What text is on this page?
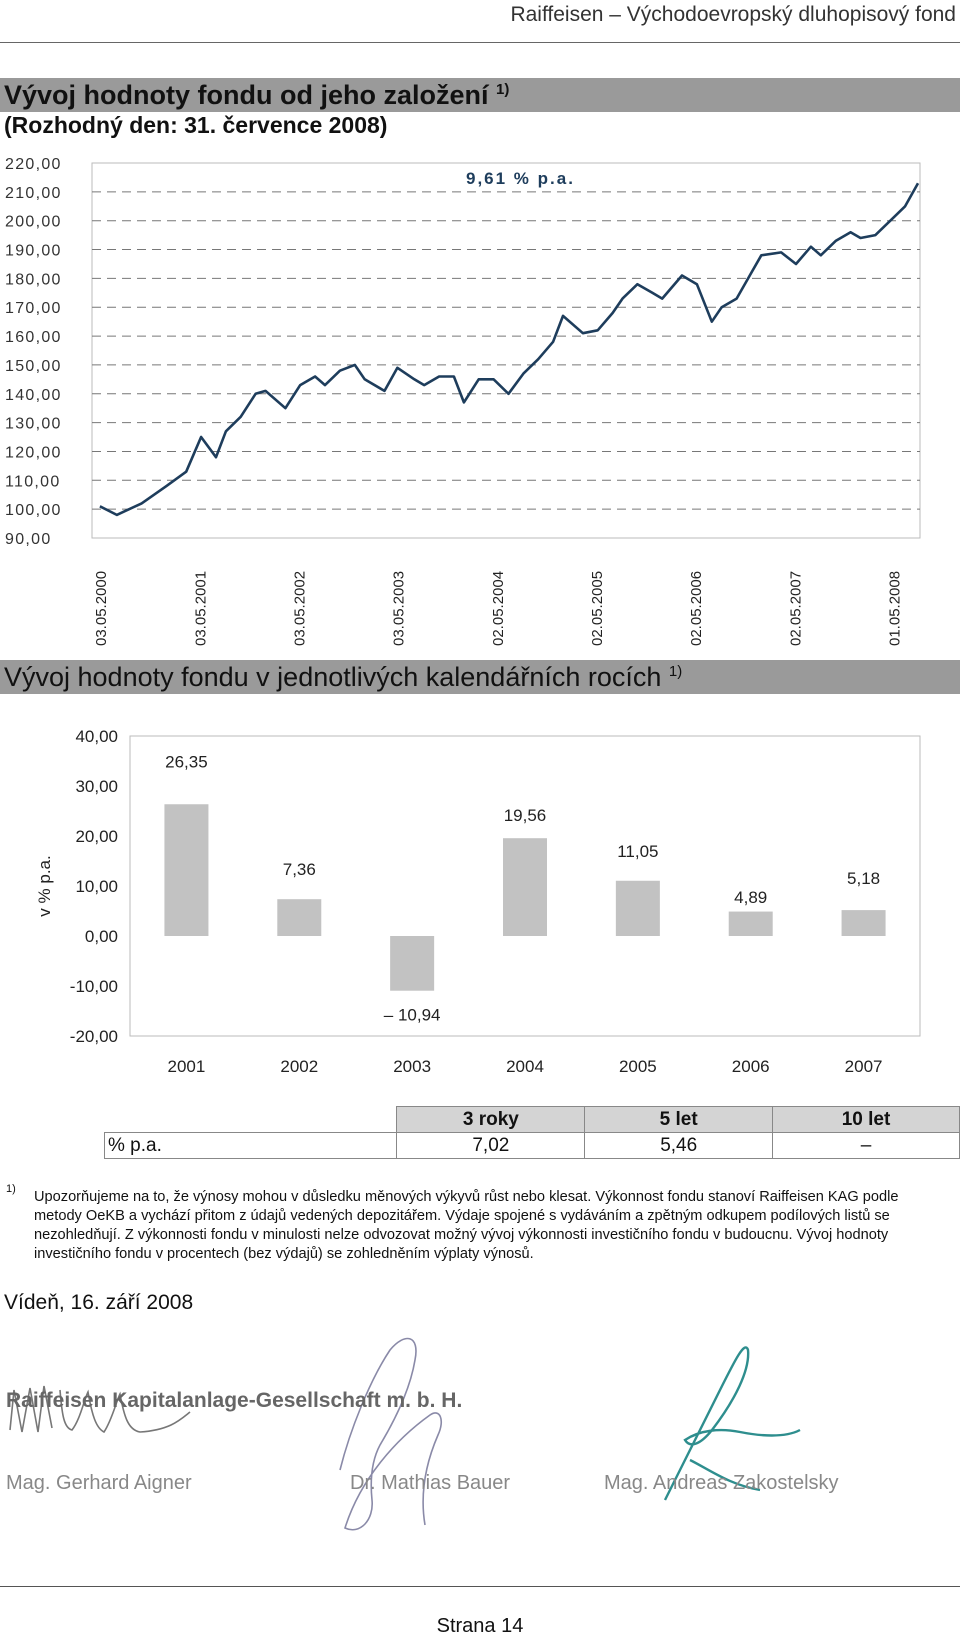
Raiffeisen – Východoevropský dluhopisový fond
Vývoj hodnoty fondu od jeho založení $^{1)}$
(Rozhodný den: 31. července 2008)
220,00
210,00
200,00
190,00
180,00
170,00
160,00
150,00
140,00
130,00
120,00
110,00
100,00
90,00
03.05.2000	03.05.2001	03.05.2002	03.05.2003	02.05.2004	02.05.2005	02.05.2006	02.05.2007	01.05.2008
9,61 % p.a.
Vývoj hodnoty fondu v jednotlivých kalendářních rocích $^{1)}$
40,00
30,00
20,00
10,00
0,00
-10,00
-20,00
v % p.a.
26,35
2001
7,36
2002
– 10,94
2003
19,56
2004
11,05
2005
4,89
2006
5,18
2007
	3 roky	5 let	10 let
% p.a.	7,02	5,46	–
1) Upozorňujeme na to, že výnosy mohou v důsledku měnových výkyvů růst nebo klesat. Výkonnost fondu stanoví Raiffeisen KAG podle metody OeKB a vychází přitom z údajů vedených depozitářem. Výdaje spojené s vydáváním a zpětným odkupem podílových listů se nezohledňují. Z výkonnosti fondu v minulosti nelze odvozovat možný vývoj výkonnosti investičního fondu v budoucnu. Vývoj hodnoty investičního fondu v procentech (bez výdajů) se zohledněním výplaty výnosů.
Vídeň, 16. září 2008
Raiffeisen Kapitalanlage-Gesellschaft m. b. H.
Mag. Gerhard Aigner	Dr. Mathias Bauer	Mag. Andreas Zakostelsky
Strana 14
